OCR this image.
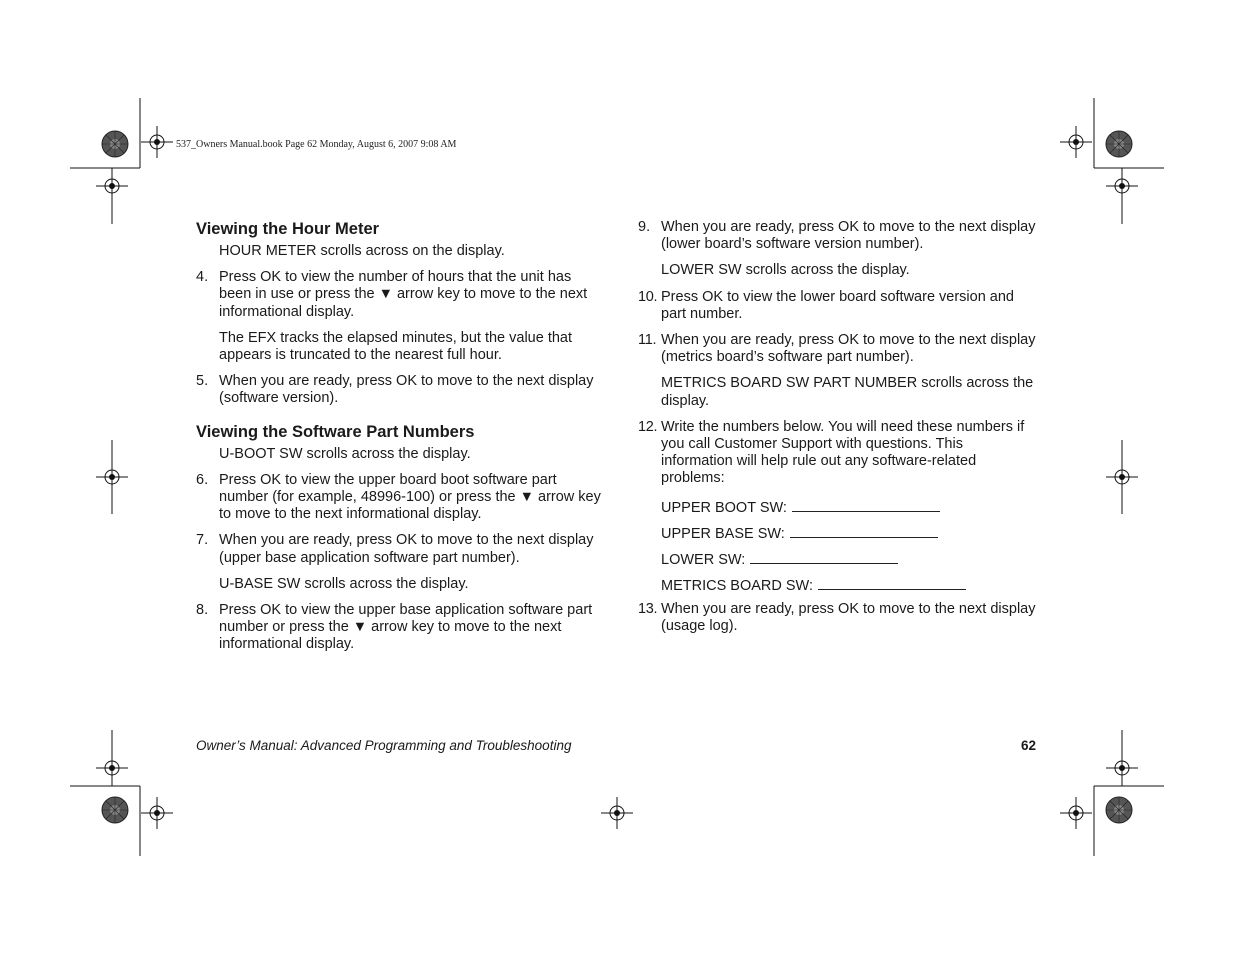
537_Owners Manual.book Page 62 Monday, August 6, 2007 9:08 AM
Viewing the Hour Meter

HOUR METER scrolls across on the display.

4. Press OK to view the number of hours that the unit has been in use or press the ▼ arrow key to move to the next informational display.

The EFX tracks the elapsed minutes, but the value that appears is truncated to the nearest full hour.

5. When you are ready, press OK to move to the next display (software version).
Viewing the Software Part Numbers

U-BOOT SW scrolls across the display.

6. Press OK to view the upper board boot software part number (for example, 48996-100) or press the ▼ arrow key to move to the next informational display.
7. When you are ready, press OK to move to the next display (upper base application software part number).

U-BASE SW scrolls across the display.

8. Press OK to view the upper base application software part number or press the ▼ arrow key to move to the next informational display.
9. When you are ready, press OK to move to the next display (lower board’s software version number).

LOWER SW scrolls across the display.

10. Press OK to view the lower board software version and part number.
11. When you are ready, press OK to move to the next display (metrics board’s software part number).

METRICS BOARD SW PART NUMBER scrolls across the display.

12. Write the numbers below. You will need these numbers if you call Customer Support with questions. This information will help rule out any software-related problems:
UPPER BOOT SW:
UPPER BASE SW:
LOWER SW:
METRICS BOARD SW:
13. When you are ready, press OK to move to the next display (usage log).
Owner’s Manual: Advanced Programming and Troubleshooting	62
